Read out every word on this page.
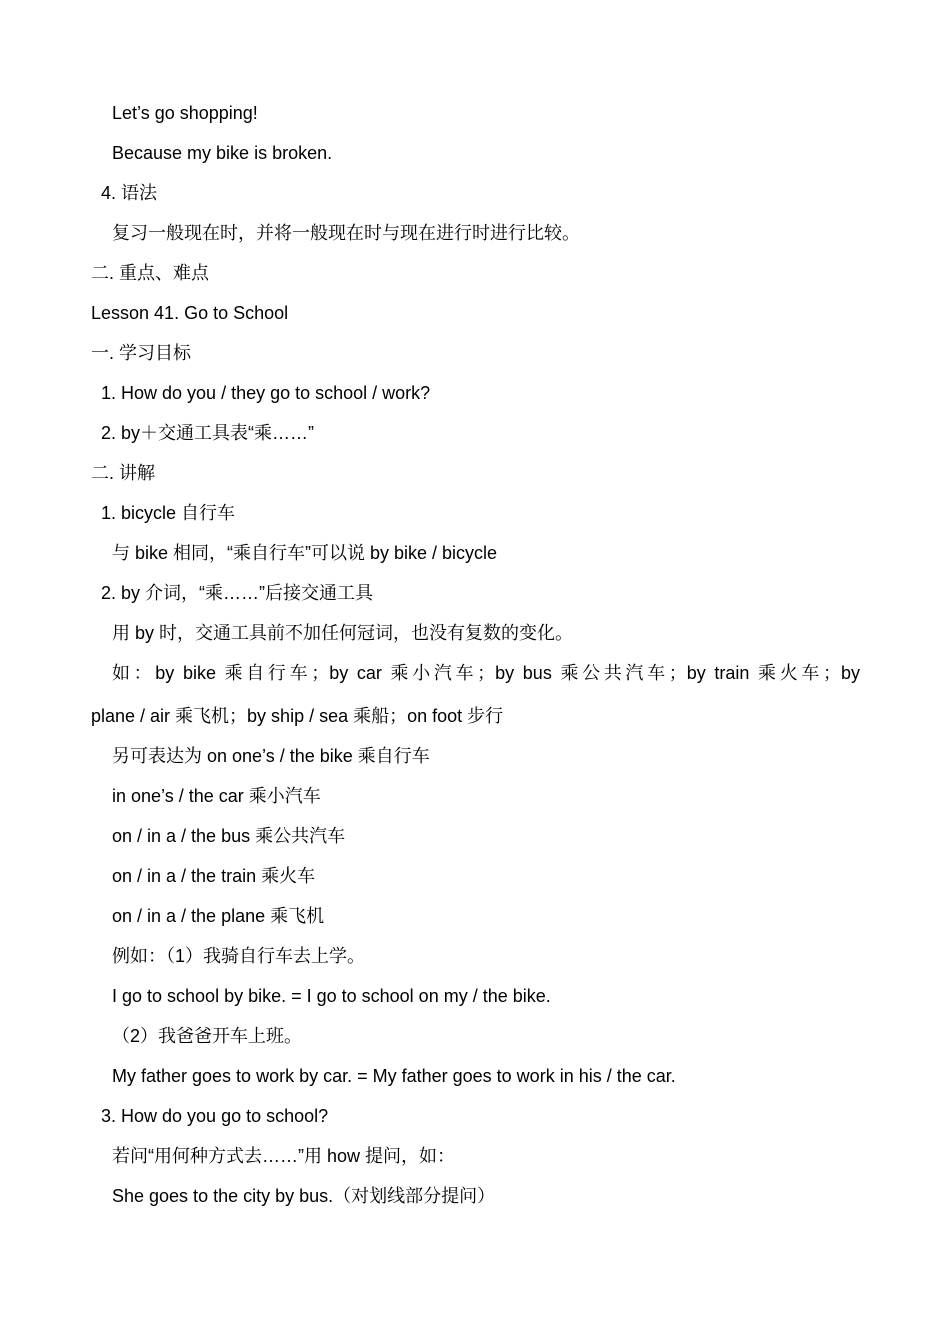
Let’s go shopping!
Because my bike is broken.
4. 语法
复习一般现在时，并将一般现在时与现在进行时进行比较。
二. 重点、难点
Lesson 41. Go to School
一. 学习目标
1. How do you / they go to school / work?
2. by＋交通工具表“乘……”
二. 讲解
1. bicycle 自行车
与 bike 相同，“乘自行车”可以说 by bike / bicycle
2. by 介词，“乘……”后接交通工具
用 by 时，交通工具前不加任何冠词，也没有复数的变化。
如：by bike 乘自行车；by car 乘小汽车；by bus 乘公共汽车；by train 乘火车；by
plane / air 乘飞机；by ship / sea 乘船；on foot 步行
另可表达为 on one’s / the bike 乘自行车
in one’s / the car 乘小汽车
on / in a / the bus 乘公共汽车
on / in a / the train 乘火车
on / in a / the plane 乘飞机
例如：（1）我骑自行车去上学。
I go to school by bike. = I go to school on my / the bike.
（2）我爸爸开车上班。
My father goes to work by car. = My father goes to work in his / the car.
3. How do you go to school?
若问“用何种方式去……”用 how 提问，如：
She goes to the city by bus.（对划线部分提问）
